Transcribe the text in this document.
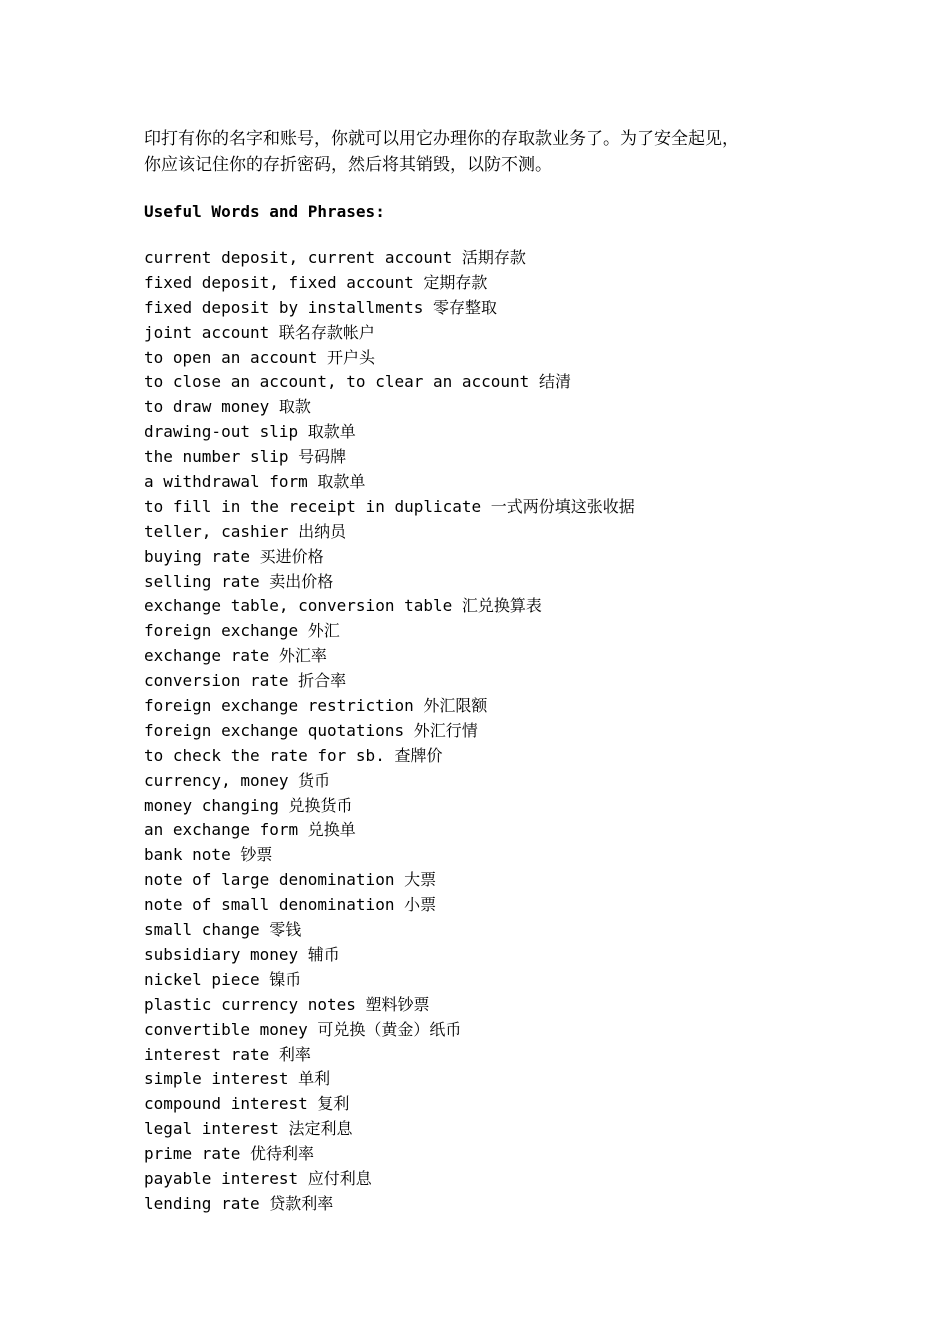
印打有你的名字和账号，你就可以用它办理你的存取款业务了。为了安全起见，

你应该记住你的存折密码，然后将其销毁，以防不测。

Useful Words and Phrases:
current deposit, current account 活期存款
fixed deposit, fixed account 定期存款
fixed deposit by installments 零存整取
joint account 联名存款帐户
to open an account 开户头
to close an account, to clear an account 结清
to draw money 取款
drawing-out slip 取款单
the number slip 号码牌
a withdrawal form 取款单
to fill in the receipt in duplicate 一式两份填这张收据
teller, cashier 出纳员
buying rate 买进价格
selling rate 卖出价格
exchange table, conversion table 汇兑换算表
foreign exchange 外汇
exchange rate 外汇率
conversion rate 折合率
foreign exchange restriction 外汇限额
foreign exchange quotations 外汇行情
to check the rate for sb. 查牌价
currency, money 货币
money changing 兑换货币
an exchange form 兑换单
bank note 钞票
note of large denomination 大票
note of small denomination 小票
small change 零钱
subsidiary money 辅币
nickel piece 镍币
plastic currency notes 塑料钞票
convertible money 可兑换（黄金）纸币
interest rate 利率
simple interest 单利
compound interest 复利
legal interest 法定利息
prime rate 优待利率
payable interest 应付利息
lending rate 贷款利率
